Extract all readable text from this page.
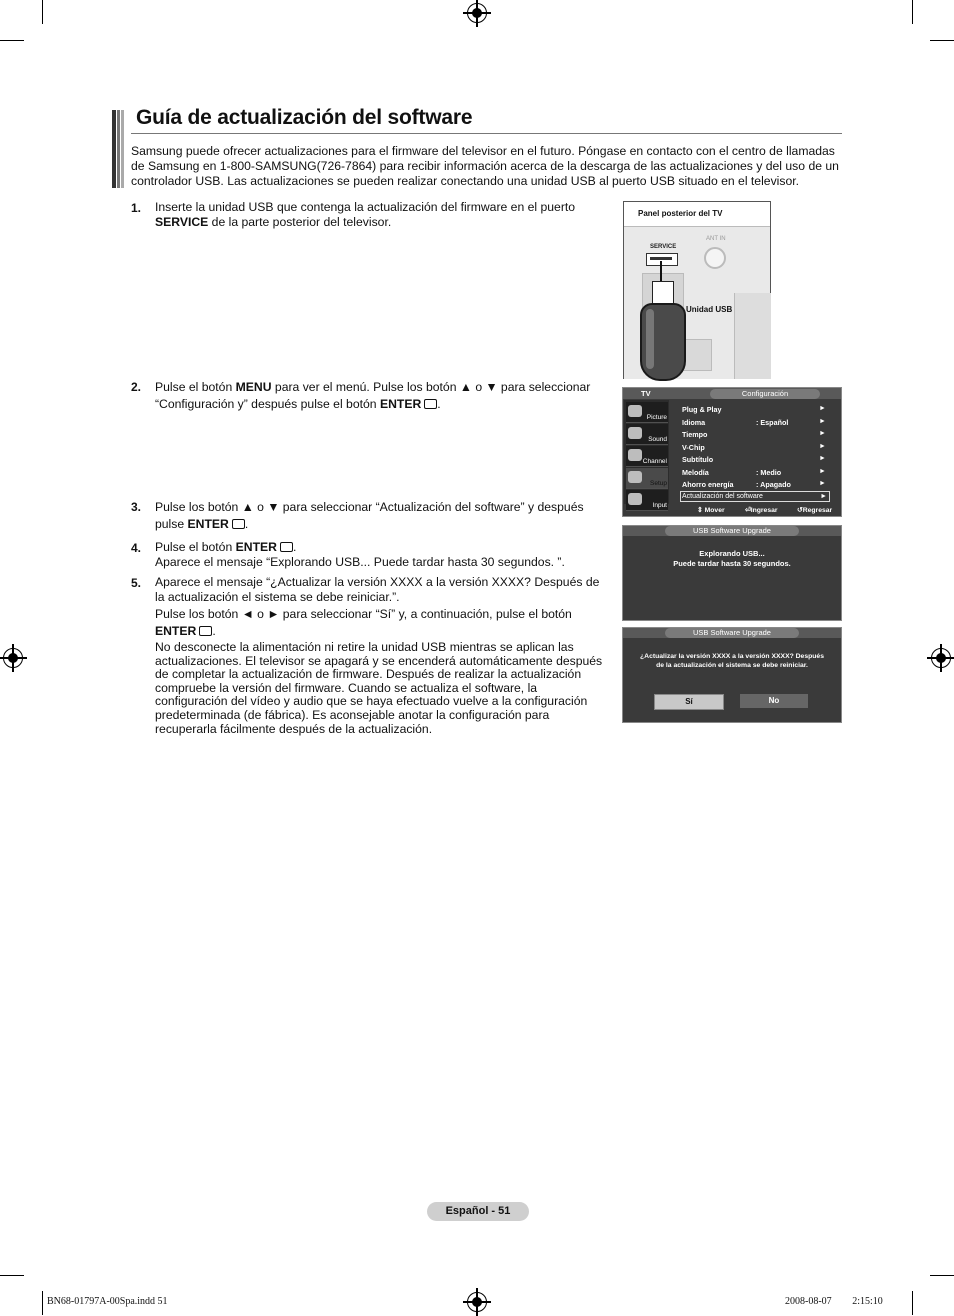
Guía de actualización del software
Samsung puede ofrecer actualizaciones para el firmware del televisor en el futuro. Póngase en contacto con el centro de llamadas de Samsung en 1-800-SAMSUNG(726-7864) para recibir información acerca de la descarga de las actualizaciones y del uso de un controlador USB. Las actualizaciones se pueden realizar conectando una unidad USB al puerto USB situado en el televisor.
1. Inserte la unidad USB que contenga la actualización del firmware en el puerto
SERVICE de la parte posterior del televisor.
2. Pulse el botón MENU para ver el menú. Pulse los botón ▲ o ▼ para seleccionar
“Configuración y” después pulse el botón ENTER .
3. Pulse los botón ▲ o ▼ para seleccionar “Actualización del software” y después
pulse ENTER .
4. Pulse el botón ENTER .
Aparece el mensaje “Explorando USB... Puede tardar hasta 30 segundos. ”.
5. Aparece el mensaje “¿Actualizar la versión XXXX a la versión XXXX? Después de
la actualización el sistema se debe reiniciar.”.
Pulse los botón ◄ o ► para seleccionar “Sí” y, a continuación, pulse el botón
ENTER .
No desconecte la alimentación ni retire la unidad USB mientras se aplican las actualizaciones. El televisor se apagará y se encenderá automáticamente después de completar la actualización de firmware. Después de realizar la actualización compruebe la versión del firmware. Cuando se actualiza el software, la configuración del vídeo y audio que se haya efectuado vuelve a la configuración predeterminada (de fábrica). Es aconsejable anotar la configuración para recuperarla fácilmente después de la actualización.
Panel posterior del TV
SERVICE
ANT IN
Unidad USB
TV	Configuración
Picture
Sound
Channel
Setup
Input
Plug & Play	►
Idioma	: Español	►
Tiempo	►
V-Chip	►
Subtítulo	►
Melodía	: Medio	►
Ahorro energía	: Apagado	►
Actualización del software	►
⇕ Mover	⏎Ingresar	↺Regresar
USB Software Upgrade
Explorando USB...
Puede tardar hasta 30 segundos.
USB Software Upgrade
¿Actualizar la versión XXXX a la versión XXXX? Después
de la actualización el sistema se debe reiniciar.
Sí	No
Español - 51
BN68-01797A-00Spa.indd 51	2008-08-07 ￿￿ 2:15:10
